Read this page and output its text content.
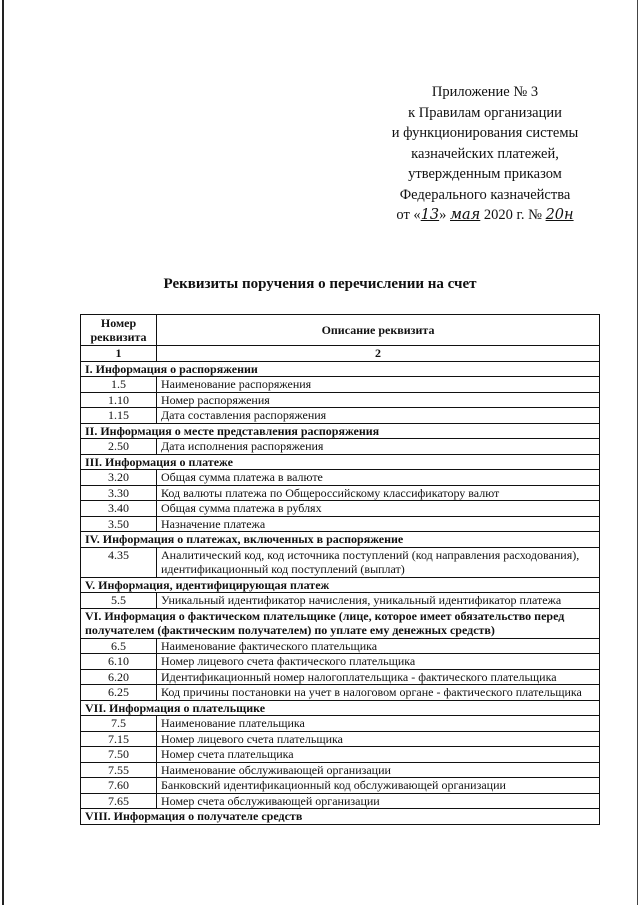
Приложение № 3
к Правилам организации
и функционирования системы
казначейских платежей,
утвержденным приказом
Федерального казначейства
от «13» мая 2020 г. № 20н
Реквизиты поручения о перечислении на счет
Номер реквизита	Описание реквизита
1	2
I. Информация о распоряжении	
1.5	Наименование распоряжения
1.10	Номер распоряжения
1.15	Дата составления распоряжения
II. Информация о месте представления распоряжения	
2.50	Дата исполнения распоряжения
III. Информация о платеже	
3.20	Общая сумма платежа в валюте
3.30	Код валюты платежа по Общероссийскому классификатору валют
3.40	Общая сумма платежа в рублях
3.50	Назначение платежа
IV. Информация о платежах, включенных в распоряжение	
4.35	Аналитический код, код источника поступлений (код направления расходования), идентификационный код поступлений (выплат)
V. Информация, идентифицирующая платеж	
5.5	Уникальный идентификатор начисления, уникальный идентификатор платежа
VI. Информация о фактическом плательщике (лице, которое имеет обязательство перед получателем (фактическим получателем) по уплате ему денежных средств)	
6.5	Наименование фактического плательщика
6.10	Номер лицевого счета фактического плательщика
6.20	Идентификационный номер налогоплательщика - фактического плательщика
6.25	Код причины постановки на учет в налоговом органе - фактического плательщика
VII. Информация о плательщике	
7.5	Наименование плательщика
7.15	Номер лицевого счета плательщика
7.50	Номер счета плательщика
7.55	Наименование обслуживающей организации
7.60	Банковский идентификационный код обслуживающей организации
7.65	Номер счета обслуживающей организации
VIII. Информация о получателе средств	
